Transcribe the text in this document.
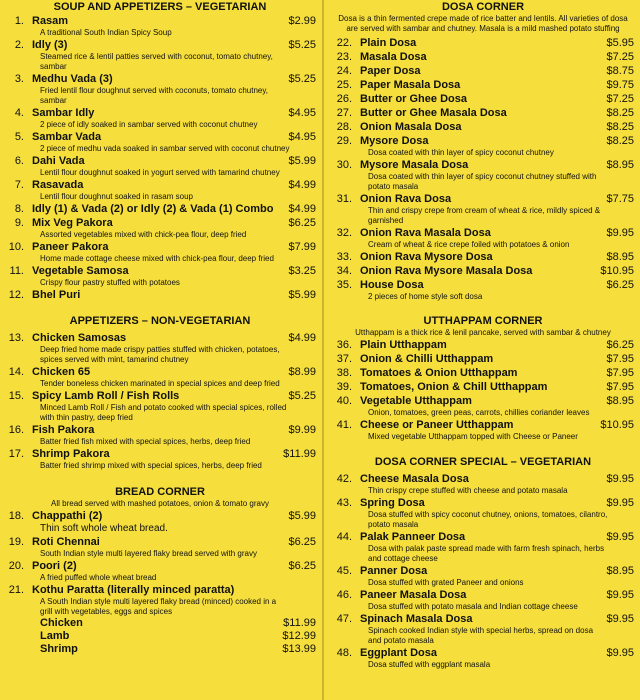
SOUP AND APPETIZERS – VEGETARIAN
1. Rasam	$2.99
A traditional South Indian Spicy Soup
2. Idly (3)	$5.25
Steamed rice & lentil patties served with coconut, tomato chutney, sambar
3. Medhu Vada (3)	$5.25
Fried lentil flour doughnut served with coconuts, tomato chutney, sambar
4. Sambar Idly	$4.95
2 piece of idly soaked in sambar served with coconut chutney
5. Sambar Vada	$4.95
2 piece of medhu vada soaked in sambar served with coconut chutney
6. Dahi Vada	$5.99
Lentil flour doughnut soaked in yogurt served with tamarind chutney
7. Rasavada	$4.99
Lentil flour doughnut soaked in rasam soup
8. Idly (1) & Vada (2) or Idly (2) & Vada (1) Combo	$4.99
9. Mix Veg Pakora	$6.25
Assorted vegetables mixed with chick-pea flour, deep fried
10. Paneer Pakora	$7.99
Home made cottage cheese mixed with chick-pea flour, deep fried
11. Vegetable Samosa	$3.25
Crispy flour pastry stuffed with potatoes
12. Bhel Puri	$5.99
APPETIZERS – NON-VEGETARIAN
13. Chicken Samosas	$4.99
Deep fried home made crispy patties stuffed with chicken, potatoes, spices served with mint, tamarind chutney
14. Chicken 65	$8.99
Tender boneless chicken marinated in special spices and deep fried
15. Spicy Lamb Roll / Fish Rolls	$5.25
Minced Lamb Roll / Fish and potato cooked with special spices, rolled with thin pastry, deep fried
16. Fish Pakora	$9.99
Batter fried fish mixed with special spices, herbs, deep fried
17. Shrimp Pakora	$11.99
Batter fried shrimp mixed with special spices, herbs, deep fried
BREAD CORNER
All bread served with mashed potatoes, onion & tomato gravy
18. Chappathi (2)	$5.99
Thin soft whole wheat bread.
19. Roti Chennai	$6.25
South Indian style multi layered flaky bread served with gravy
20. Poori (2)	$6.25
A fried puffed whole wheat bread
21. Kothu Paratta (literally minced paratta)
A South Indian style multi layered flaky bread (minced) cooked in a grill with vegetables, eggs and spices
Chicken	$11.99
Lamb	$12.99
Shrimp	$13.99
DOSA CORNER
Dosa is a thin fermented crepe made of rice batter and lentils. All varieties of dosa are served with sambar and chutney. Masala is a mild mashed potato stuffing
22. Plain Dosa	$5.95
23. Masala Dosa	$7.25
24. Paper Dosa	$8.75
25. Paper Masala Dosa	$9.75
26. Butter or Ghee Dosa	$7.25
27. Butter or Ghee Masala Dosa	$8.25
28. Onion Masala Dosa	$8.25
29. Mysore Dosa	$8.25
Dosa coated with thin layer of spicy coconut chutney
30. Mysore Masala Dosa	$8.95
Dosa coated with thin layer of spicy coconut chutney stuffed with potato masala
31. Onion Rava Dosa	$7.75
Thin and crispy crepe from cream of wheat & rice, mildly spiced & garnished
32. Onion Rava Masala Dosa	$9.95
Cream of wheat & rice crepe foiled with potatoes & onion
33. Onion Rava Mysore Dosa	$8.95
34. Onion Rava Mysore Masala Dosa	$10.95
35. House Dosa	$6.25
2 pieces of home style soft dosa
UTTHAPPAM CORNER
Utthappam is a thick rice & lenil pancake, served with sambar & chutney
36. Plain Utthappam	$6.25
37. Onion & Chilli Utthappam	$7.95
38. Tomatoes & Onion Utthappam	$7.95
39. Tomatoes, Onion & Chill Utthappam	$7.95
40. Vegetable Utthappam	$8.95
Onion, tomatoes, green peas, carrots, chillies coriander leaves
41. Cheese or Paneer Utthappam	$10.95
Mixed vegetable Utthappam topped with Cheese or Paneer
DOSA CORNER SPECIAL – VEGETARIAN
42. Cheese Masala Dosa	$9.95
Thin crispy crepe stuffed with cheese and potato masala
43. Spring Dosa	$9.95
Dosa stuffed with spicy coconut chutney, onions, tomatoes, cilantro, potato masala
44. Palak Panneer Dosa	$9.95
Dosa with palak paste spread made with farm fresh spinach, herbs and cottage cheese
45. Panner Dosa	$8.95
Dosa stuffed with grated Paneer and onions
46. Paneer Masala Dosa	$9.95
Dosa stuffed with potato masala and Indian cottage cheese
47. Spinach Masala Dosa	$9.95
Spinach cooked Indian style with special herbs, spread on dosa and potato masala
48. Eggplant Dosa	$9.95
Dosa stuffed with eggplant masala
